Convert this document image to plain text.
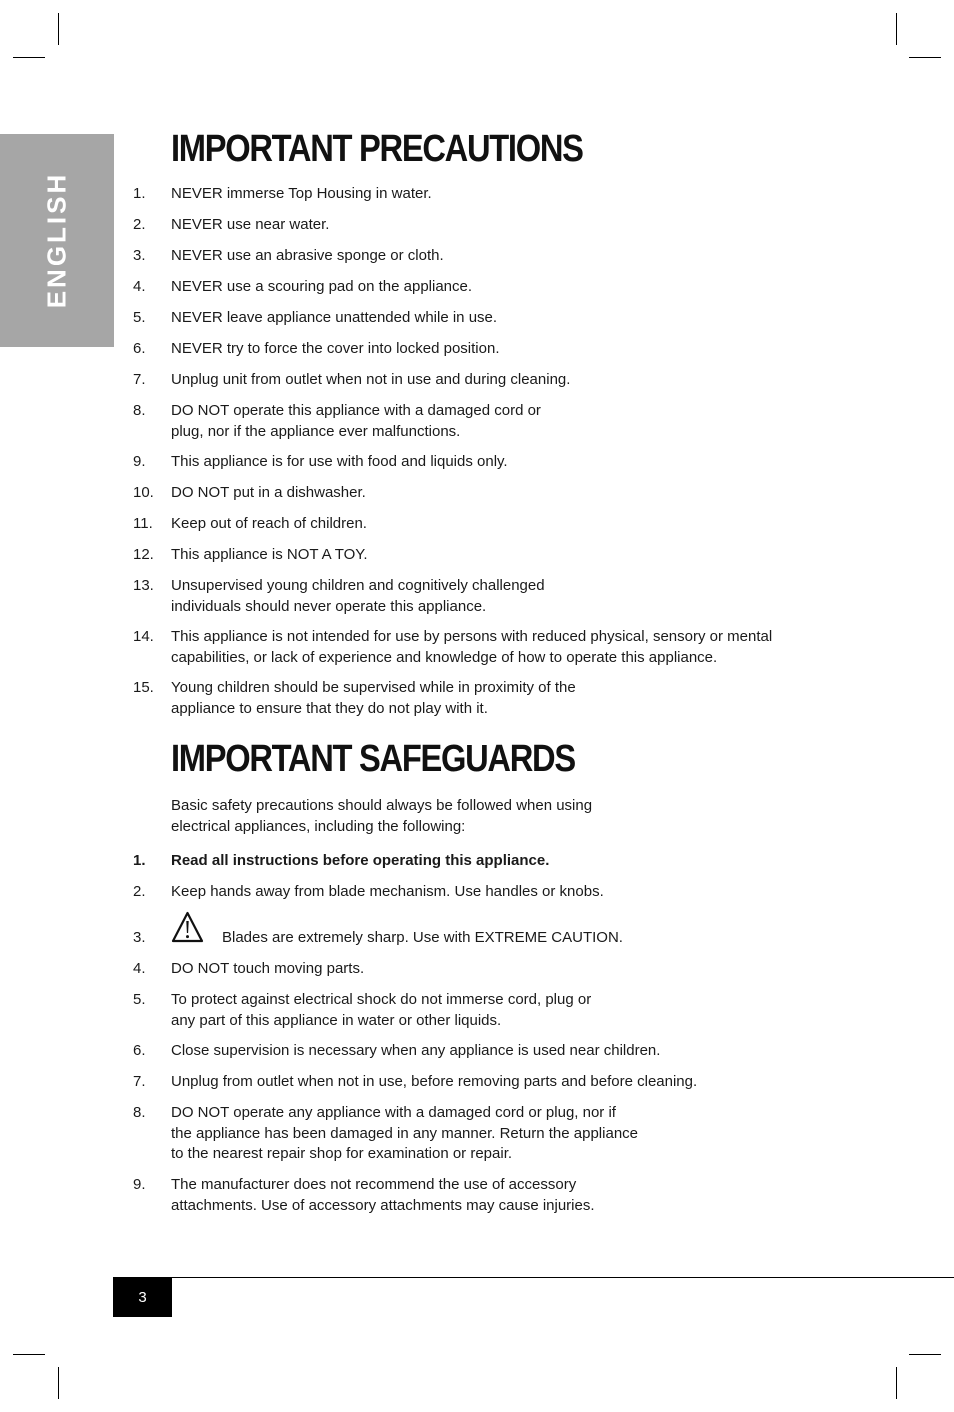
ENGLISH
IMPORTANT PRECAUTIONS
1. NEVER immerse Top Housing in water.
2. NEVER use near water.
3. NEVER use an abrasive sponge or cloth.
4. NEVER use a scouring pad on the appliance.
5. NEVER leave appliance unattended while in use.
6. NEVER try to force the cover into locked position.
7. Unplug unit from outlet when not in use and during cleaning.
8. DO NOT operate this appliance with a damaged cord or
plug, nor if the appliance ever malfunctions.
9. This appliance is for use with food and liquids only.
10. DO NOT put in a dishwasher.
11. Keep out of reach of children.
12. This appliance is NOT A TOY.
13. Unsupervised young children and cognitively challenged
individuals should never operate this appliance.
14. This appliance is not intended for use by persons with reduced physical, sensory or mental
capabilities, or lack of experience and knowledge of how to operate this appliance.
15. Young children should be supervised while in proximity of the
appliance to ensure that they do not play with it.
IMPORTANT SAFEGUARDS

Basic safety precautions should always be followed when using
electrical appliances, including the following:

1. Read all instructions before operating this appliance.
2. Keep hands away from blade mechanism. Use handles or knobs.
3.
4. DO NOT touch moving parts.
5. To protect against electrical shock do not immerse cord, plug or
any part of this appliance in water or other liquids.
6. Close supervision is necessary when any appliance is used near children.
7. Unplug from outlet when not in use, before removing parts and before cleaning.
8. DO NOT operate any appliance with a damaged cord or plug, nor if
the appliance has been damaged in any manner. Return the appliance
to the nearest repair shop for examination or repair.
9. The manufacturer does not recommend the use of accessory
attachments. Use of accessory attachments may cause injuries.
Blades are extremely sharp. Use with EXTREME CAUTION.
3
